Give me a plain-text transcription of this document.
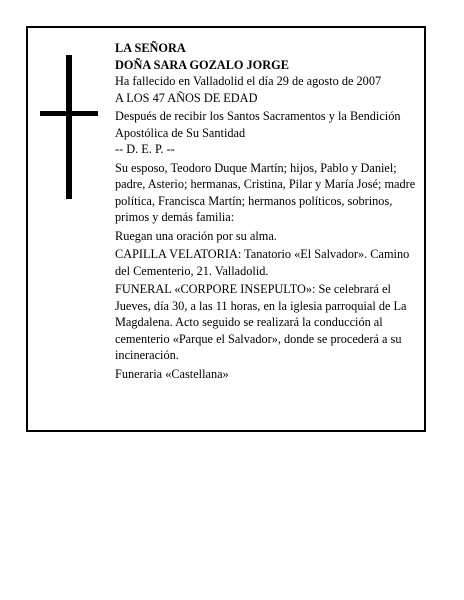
LA SEÑORA

DOÑA SARA GOZALO JORGE

Ha fallecido en Valladolid el día 29 de agosto de 2007

A LOS 47 AÑOS DE EDAD

Después de recibir los Santos Sacramentos y la Bendición Apostólica de Su Santidad

-- D. E. P. --

Su esposo, Teodoro Duque Martín; hijos, Pablo y Daniel; padre, Asterio; hermanas, Cristina, Pilar y María José; madre política, Francisca Martín; hermanos políticos, sobrinos, primos y demás familia:

Ruegan una oración por su alma.

CAPILLA VELATORIA: Tanatorio «El Salvador». Camino del Cementerio, 21. Valladolid.

FUNERAL «CORPORE INSEPULTO»: Se celebrará el Jueves, día 30, a las 11 horas, en la iglesia parroquial de La Magdalena. Acto seguido se realizará la conducción al cementerio «Parque el Salvador», donde se procederá a su incineración.

Funeraria «Castellana»
